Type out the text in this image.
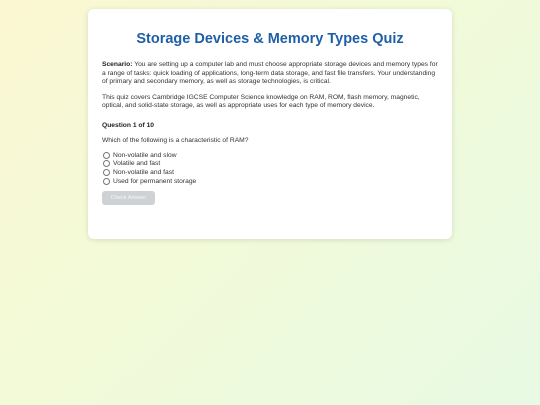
Storage Devices & Memory Types Quiz

Scenario: You are setting up a computer lab and must choose appropriate storage devices and memory types for a range of tasks: quick loading of applications, long-term data storage, and fast file transfers. Your understanding of primary and secondary memory, as well as storage technologies, is critical.

This quiz covers Cambridge IGCSE Computer Science knowledge on RAM, ROM, flash memory, magnetic, optical, and solid-state storage, as well as appropriate uses for each type of memory device.

Question 1 of 10
Which of the following is a characteristic of RAM?
Non-volatile and slow
Volatile and fast
Non-volatile and fast
Used for permanent storage
Check Answer
